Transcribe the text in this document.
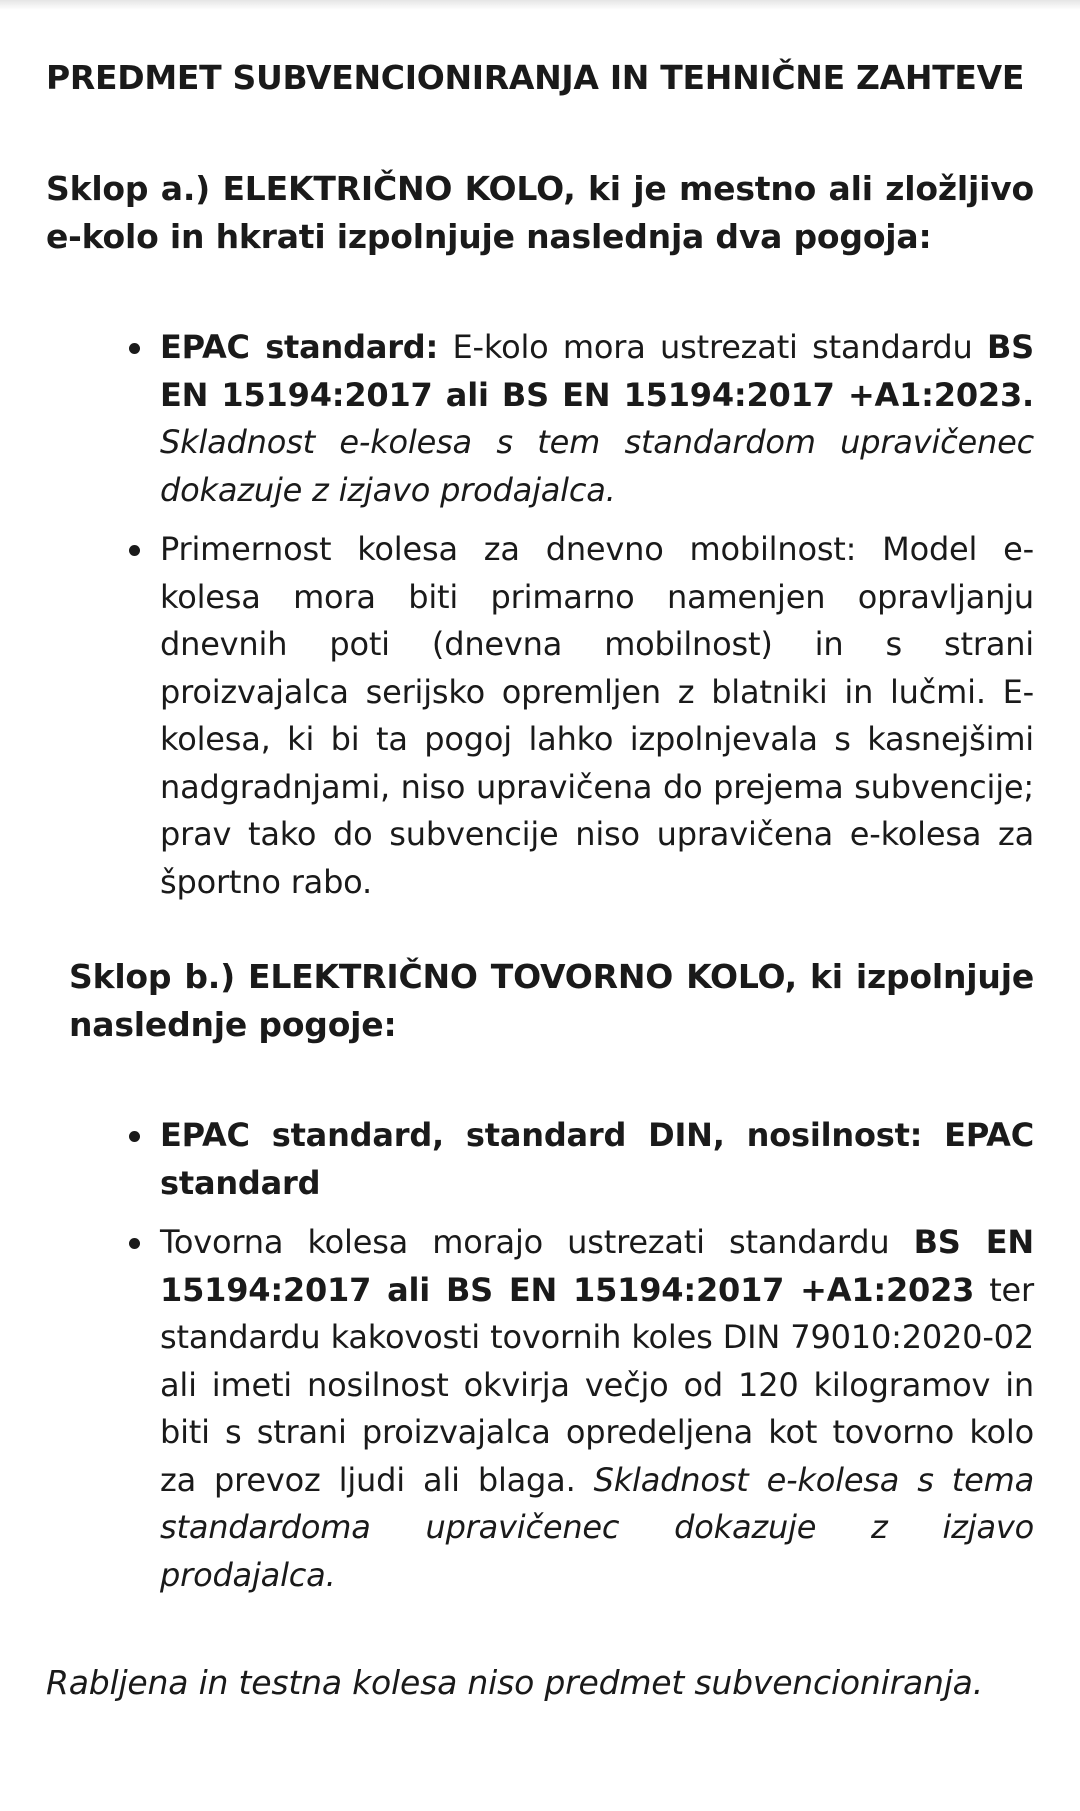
PREDMET SUBVENCIONIRANJA IN TEHNIČNE ZAHTEVE

Sklop a.) ELEKTRIČNO KOLO, ki je mestno ali zložljivo e-kolo in hkrati izpolnjuje naslednja dva pogoja:

EPAC standard: E-kolo mora ustrezati standardu BS EN 15194:2017 ali BS EN 15194:2017 +A1:2023. Skladnost e-kolesa s tem standardom upravičenec dokazuje z izjavo prodajalca.
Primernost kolesa za dnevno mobilnost: Model e-kolesa mora biti primarno namenjen opravljanju dnevnih poti (dnevna mobilnost) in s strani proizvajalca serijsko opremljen z blatniki in lučmi. E-kolesa, ki bi ta pogoj lahko izpolnjevala s kasnejšimi nadgradnjami, niso upravičena do prejema subvencije; prav tako do subvencije niso upravičena e-kolesa za športno rabo.

Sklop b.) ELEKTRIČNO TOVORNO KOLO, ki izpolnjuje naslednje pogoje:

EPAC standard, standard DIN, nosilnost: EPAC standard
Tovorna kolesa morajo ustrezati standardu BS EN 15194:2017 ali BS EN 15194:2017 +A1:2023 ter standardu kakovosti tovornih koles DIN 79010:2020-02 ali imeti nosilnost okvirja večjo od 120 kilogramov in biti s strani proizvajalca opredeljena kot tovorno kolo za prevoz ljudi ali blaga. Skladnost e-kolesa s tema standardoma upravičenec dokazuje z izjavo prodajalca.

Rabljena in testna kolesa niso predmet subvencioniranja.
